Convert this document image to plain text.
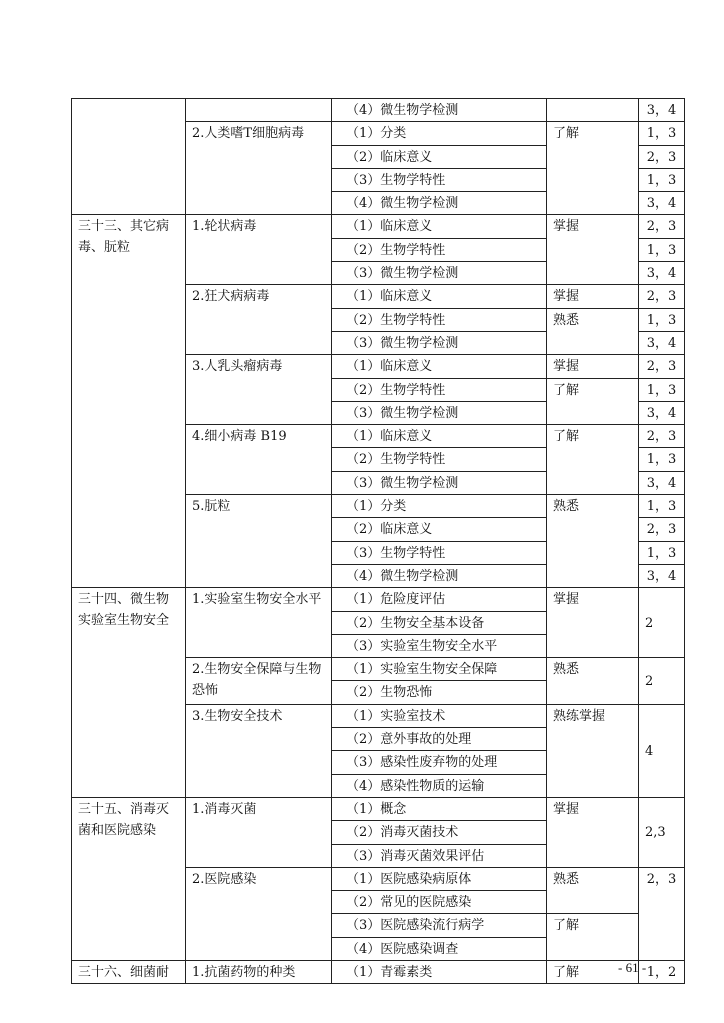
		（4）微生物学检测		3，4
	2.人类嗜T细胞病毒	（1）分类	了解	1，3
		（2）临床意义		2，3
		（3）生物学特性		1，3
		（4）微生物学检测		3，4
三十三、其它病毒、朊粒	1.轮状病毒	（1）临床意义	掌握	2，3
		（2）生物学特性		1，3
		（3）微生物学检测		3，4
	2.狂犬病病毒	（1）临床意义	掌握	2，3
		（2）生物学特性	熟悉	1，3
		（3）微生物学检测		3，4
	3.人乳头瘤病毒	（1）临床意义	掌握	2，3
		（2）生物学特性	了解	1，3
		（3）微生物学检测		3，4
	4.细小病毒 B19	（1）临床意义	了解	2，3
		（2）生物学特性		1，3
		（3）微生物学检测		3，4
	5.朊粒	（1）分类	熟悉	1，3
		（2）临床意义		2，3
		（3）生物学特性		1，3
		（4）微生物学检测		3，4
三十四、微生物实验室生物安全	1.实验室生物安全水平	（1）危险度评估	掌握	2
		（2）生物安全基本设备		
		（3）实验室生物安全水平		
	2.生物安全保障与生物恐怖	（1）实验室生物安全保障	熟悉	2
		（2）生物恐怖		
	3.生物安全技术	（1）实验室技术	熟练掌握	4
		（2）意外事故的处理		
		（3）感染性废弃物的处理		
		（4）感染性物质的运输		
三十五、消毒灭菌和医院感染	1.消毒灭菌	（1）概念	掌握	2,3
		（2）消毒灭菌技术		
		（3）消毒灭菌效果评估		
	2.医院感染	（1）医院感染病原体	熟悉	2，3
		（2）常见的医院感染		
		（3）医院感染流行病学	了解	
		（4）医院感染调查		
三十六、细菌耐	1.抗菌药物的种类	（1）青霉素类	了解	1，2
- 61 -
